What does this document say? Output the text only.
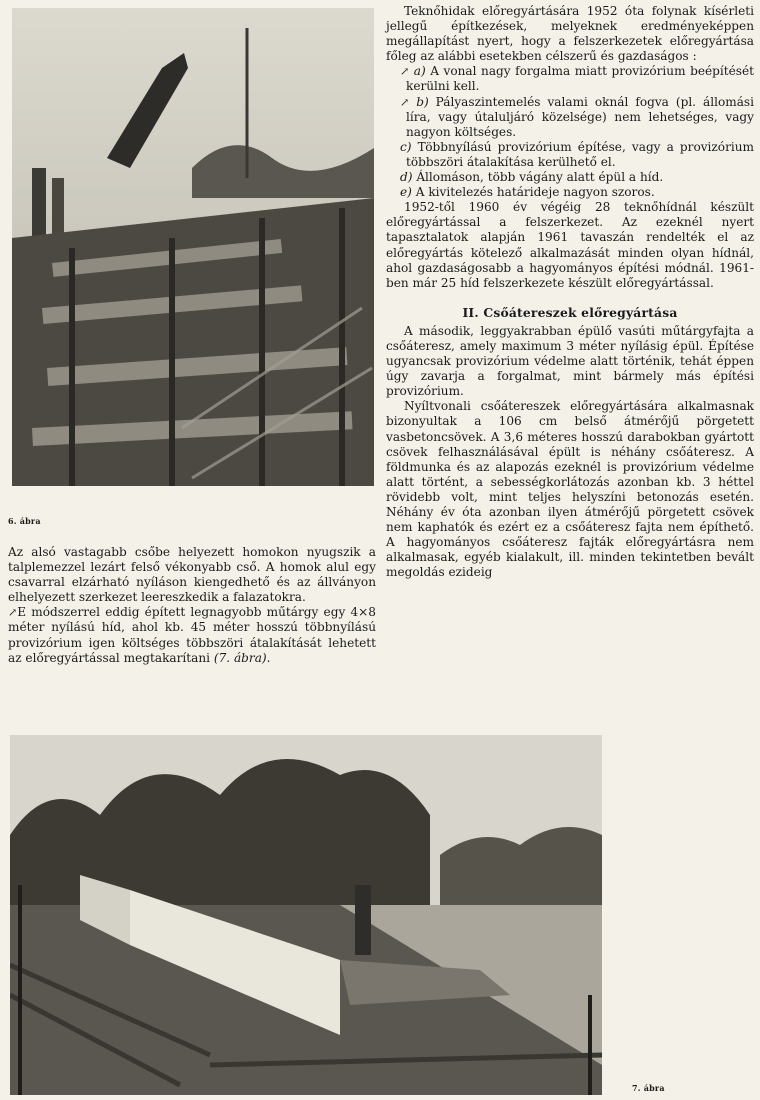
6. ábra

Teknőhidak előregyártására 1952 óta folynak kísérleti jellegű építkezések, melyeknek eredményeképpen megállapítást nyert, hogy a felszerkezetek előregyártása főleg az alábbi esetekben célszerű és gazdaságos :

↗ a) A vonal nagy forgalma miatt provizórium beépítését kerülni kell.

↗ b) Pályaszintemelés valami oknál fogva (pl. állomási líra, vagy útaluljáró közelsége) nem lehetséges, vagy nagyon költséges.

c) Többnyílású provizórium építése, vagy a provizórium többszöri átalakítása kerülhető el.

d) Állomáson, több vágány alatt épül a híd.

e) A kivitelezés határideje nagyon szoros.

1952-től 1960 év végéig 28 teknőhídnál készült előregyártással a felszerkezet. Az ezeknél nyert tapasztalatok alapján 1961 tavaszán rendelték el az előregyártás kötelező alkalmazását minden olyan hídnál, ahol gazdaságosabb a hagyományos építési módnál. 1961-ben már 25 híd felszerkezete készült előregyártással.

II. Csőátereszek előregyártása

A második, leggyakrabban épülő vasúti műtárgyfajta a csőáteresz, amely maximum 3 méter nyílásig épül. Építése ugyancsak provizórium védelme alatt történik, tehát éppen úgy zavarja a forgalmat, mint bármely más építési provizórium.

Nyíltvonali csőátereszek előregyártására alkalmasnak bizonyultak a 106 cm belső átmérőjű pörgetett vasbetoncsövek. A 3,6 méteres hosszú darabokban gyártott csövek felhasználásával épült is néhány csőáteresz. A földmunka és az alapozás ezeknél is provizórium védelme alatt történt, a sebességkorlátozás azonban kb. 3 héttel rövidebb volt, mint teljes helyszíni betonozás esetén. Néhány év óta azonban ilyen átmérőjű pörgetett csövek nem kaphatók és ezért ez a csőáteresz fajta nem építhető. A hagyományos csőáteresz fajták előregyártásra nem alkalmasak, egyéb kialakult, ill. minden tekintetben bevált megoldás ezideig

Az alsó vastagabb csőbe helyezett homokon nyugszik a talplemezzel lezárt felső vékonyabb cső. A homok alul egy csavarral elzárható nyíláson kiengedhető és az állványon elhelyezett szerkezet leereszkedik a falazatokra.

↗E módszerrel eddig épített legnagyobb műtárgy egy 4×8 méter nyílású híd, ahol kb. 45 méter hosszú többnyílású provizórium igen költséges többszöri átalakítását lehetett az előregyártással megtakarítani (7. ábra).

7. ábra
